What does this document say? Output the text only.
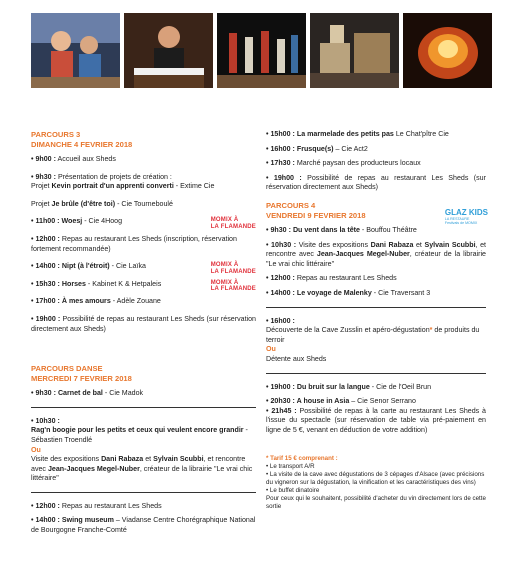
PARCOURS 3
DIMANCHE 4 FEVRIER 2018
• 9h00 : Accueil aux Sheds
• 9h30 : Présentation de projets de création :
Projet Kevin portrait d'un apprenti converti - Extime Cie
Projet Je brûle (d'être toi) - Cie Tourneboulé
• 11h00 : Woesj - Cie 4Hoog	MOMIX À
LA FLAMANDE
• 12h00 : Repas au restaurant Les Sheds (inscription, réservation fortement recommandée)
• 14h00 : Nipt (à l'étroit) - Cie Laïka	MOMIX À
LA FLAMANDE
• 15h30 : Horses - Kabinet K & Hetpaleis	MOMIX À
LA FLAMANDE
• 17h00 : À mes amours - Adèle Zouane
• 19h00 : Possibilité de repas au restaurant Les Sheds (sur réservation directement aux Sheds)
PARCOURS DANSE
MERCREDI 7 FEVRIER 2018
• 9h30 : Carnet de bal - Cie Madok
• 10h30 :
Rag'n boogie pour les petits et ceux qui veulent encore grandir - Sébastien Troendlé
Ou
Visite des expositions Dani Rabaza et Sylvain Scubbi, et rencontre avec Jean-Jacques Megel-Nuber, créateur de la librairie "Le vrai chic littéraire"
• 12h00 : Repas au restaurant Les Sheds
• 14h00 : Swing museum – Viadanse Centre Chorégraphique National de Bourgogne Franche-Comté
• 15h00 : La marmelade des petits pas Le Chat'pître Cie
• 16h00 : Frusque(s) – Cie Act2
• 17h30 : Marché paysan des producteurs locaux
• 19h00 : Possibilité de repas au restaurant Les Sheds (sur réservation directement aux Sheds)
PARCOURS 4
VENDREDI 9 FEVRIER 2018	GLAZ KIDS
LA RESTAURE
Festivals de MOMIX
• 9h30 : Du vent dans la tête - Bouffou Théâtre
• 10h30 : Visite des expositions Dani Rabaza et Sylvain Scubbi, et rencontre avec Jean-Jacques Megel-Nuber, créateur de la librairie "Le vrai chic littéraire"
• 12h00 : Repas au restaurant Les Sheds
• 14h00 : Le voyage de Malenky - Cie Traversant 3
• 16h00 :
Découverte de la Cave Zusslin et apéro-dégustation* de produits du terroir
Ou
Détente aux Sheds
• 19h00 : Du bruit sur la langue - Cie de l'Oeil Brun
• 20h30 : A house in Asia – Cie Senor Serrano
• 21h45 : Possibilité de repas à la carte au restaurant Les Sheds à l'issue du spectacle (sur réservation de table via pré-paiement en ligne de 5 €, venant en déduction de votre addition)
* Tarif 15 € comprenant :
• Le transport A/R
• La visite de la cave avec dégustations de 3 cépages d'Alsace (avec précisions du vigneron sur la dégustation, la vinification et les caractéristiques des vins)
• Le buffet dinatoire
Pour ceux qui le souhaitent, possibilité d'acheter du vin directement lors de cette sortie
